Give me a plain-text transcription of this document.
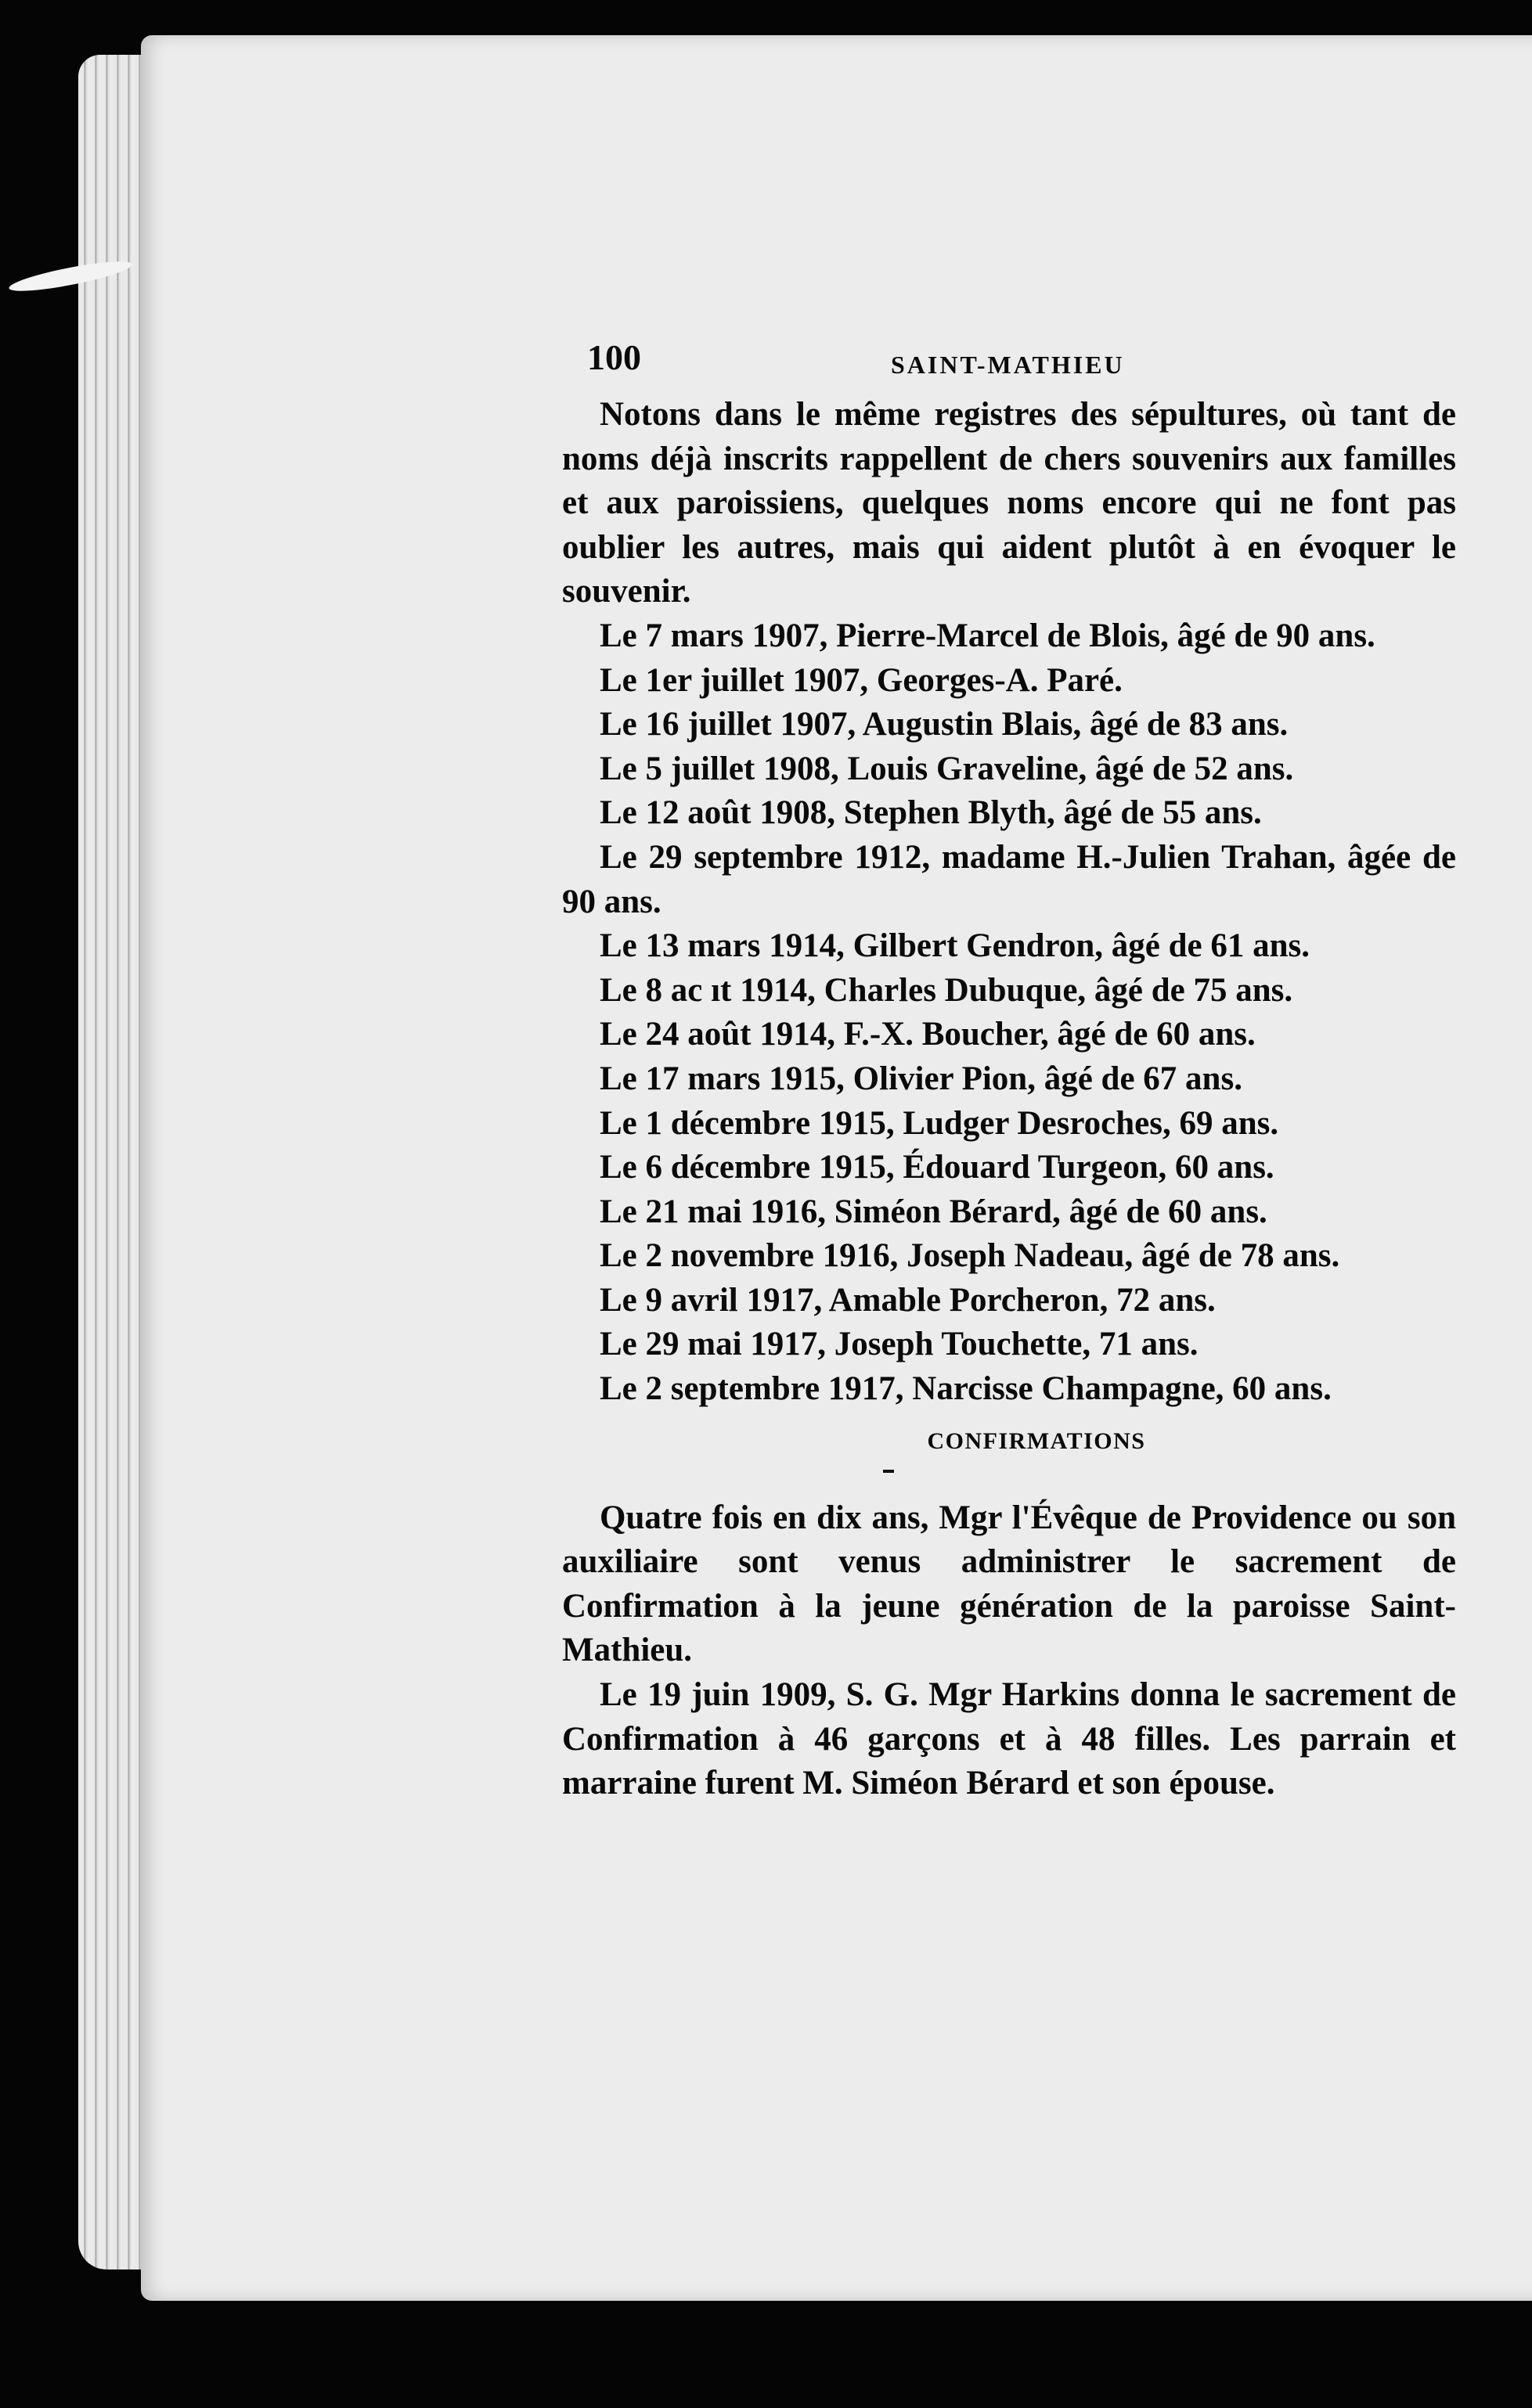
100	SAINT-MATHIEU

Notons dans le même registres des sépultures, où tant de noms déjà inscrits rappellent de chers souvenirs aux familles et aux paroissiens, quelques noms encore qui ne font pas oublier les autres, mais qui aident plutôt à en évoquer le souvenir.

Le 7 mars 1907, Pierre-Marcel de Blois, âgé de 90 ans.

Le 1er juillet 1907, Georges-A. Paré.

Le 16 juillet 1907, Augustin Blais, âgé de 83 ans.

Le 5 juillet 1908, Louis Graveline, âgé de 52 ans.

Le 12 août 1908, Stephen Blyth, âgé de 55 ans.

Le 29 septembre 1912, madame H.-Julien Trahan, âgée de 90 ans.

Le 13 mars 1914, Gilbert Gendron, âgé de 61 ans.

Le 8 ac ıt 1914, Charles Dubuque, âgé de 75 ans.

Le 24 août 1914, F.-X. Boucher, âgé de 60 ans.

Le 17 mars 1915, Olivier Pion, âgé de 67 ans.

Le 1 décembre 1915, Ludger Desroches, 69 ans.

Le 6 décembre 1915, Édouard Turgeon, 60 ans.

Le 21 mai 1916, Siméon Bérard, âgé de 60 ans.

Le 2 novembre 1916, Joseph Nadeau, âgé de 78 ans.

Le 9 avril 1917, Amable Porcheron, 72 ans.

Le 29 mai 1917, Joseph Touchette, 71 ans.

Le 2 septembre 1917, Narcisse Champagne, 60 ans.

CONFIRMATIONS

Quatre fois en dix ans, Mgr l'Évêque de Providence ou son auxiliaire sont venus administrer le sacrement de Confirmation à la jeune génération de la paroisse Saint-Mathieu.

Le 19 juin 1909, S. G. Mgr Harkins donna le sacrement de Confirmation à 46 garçons et à 48 filles. Les parrain et marraine furent M. Siméon Bérard et son épouse.
